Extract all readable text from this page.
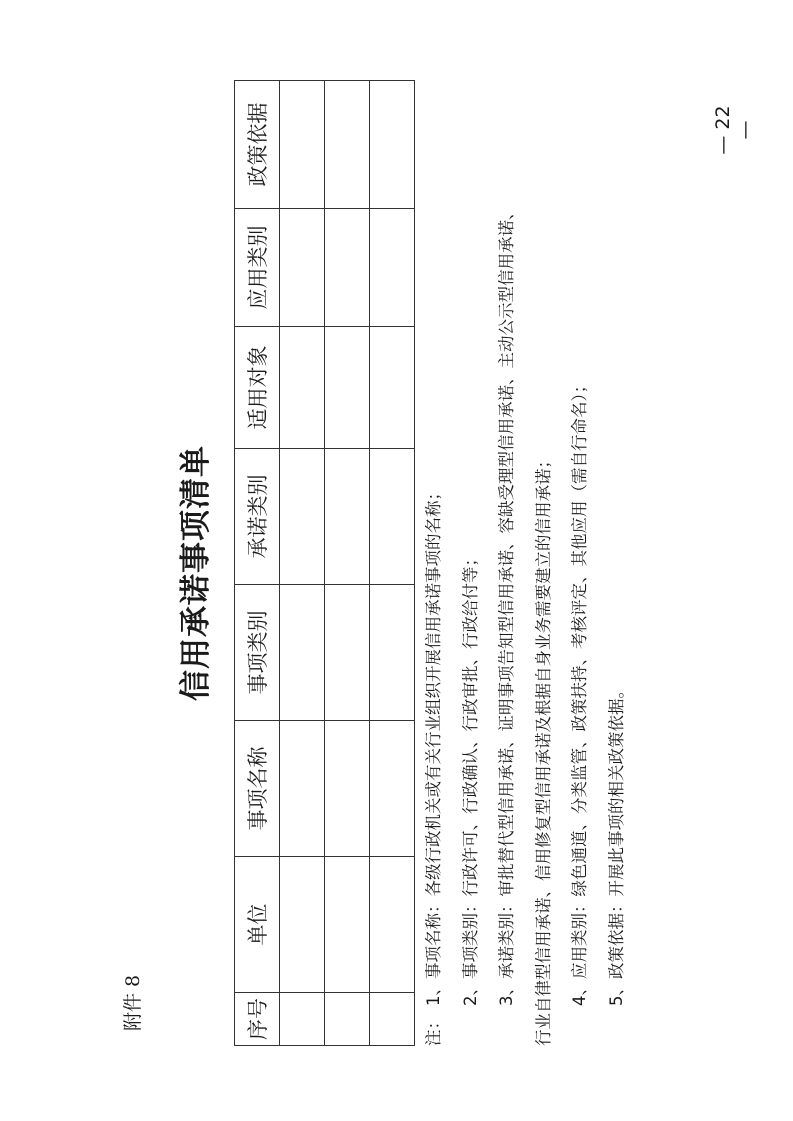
附件 8
信用承诺事项清单
序号	单位	事项名称	事项类别	承诺类别	适用对象	应用类别	政策依据

注：1、事项名称：各级行政机关或有关行业组织开展信用承诺事项的名称；	2、事项类别：行政许可、行政确认、行政审批、行政给付等；	3、承诺类别：审批替代型信用承诺、证明事项告知型信用承诺、容缺受理型信用承诺、主动公示型信用承诺、	行业自律型信用承诺、信用修复型信用承诺及根据自身业务需要建立的信用承诺；	4、应用类别：绿色通道、分类监管、政策扶持、考核评定、其他应用（需自行命名）；	5、政策依据：开展此事项的相关政策依据。

— 22 —
